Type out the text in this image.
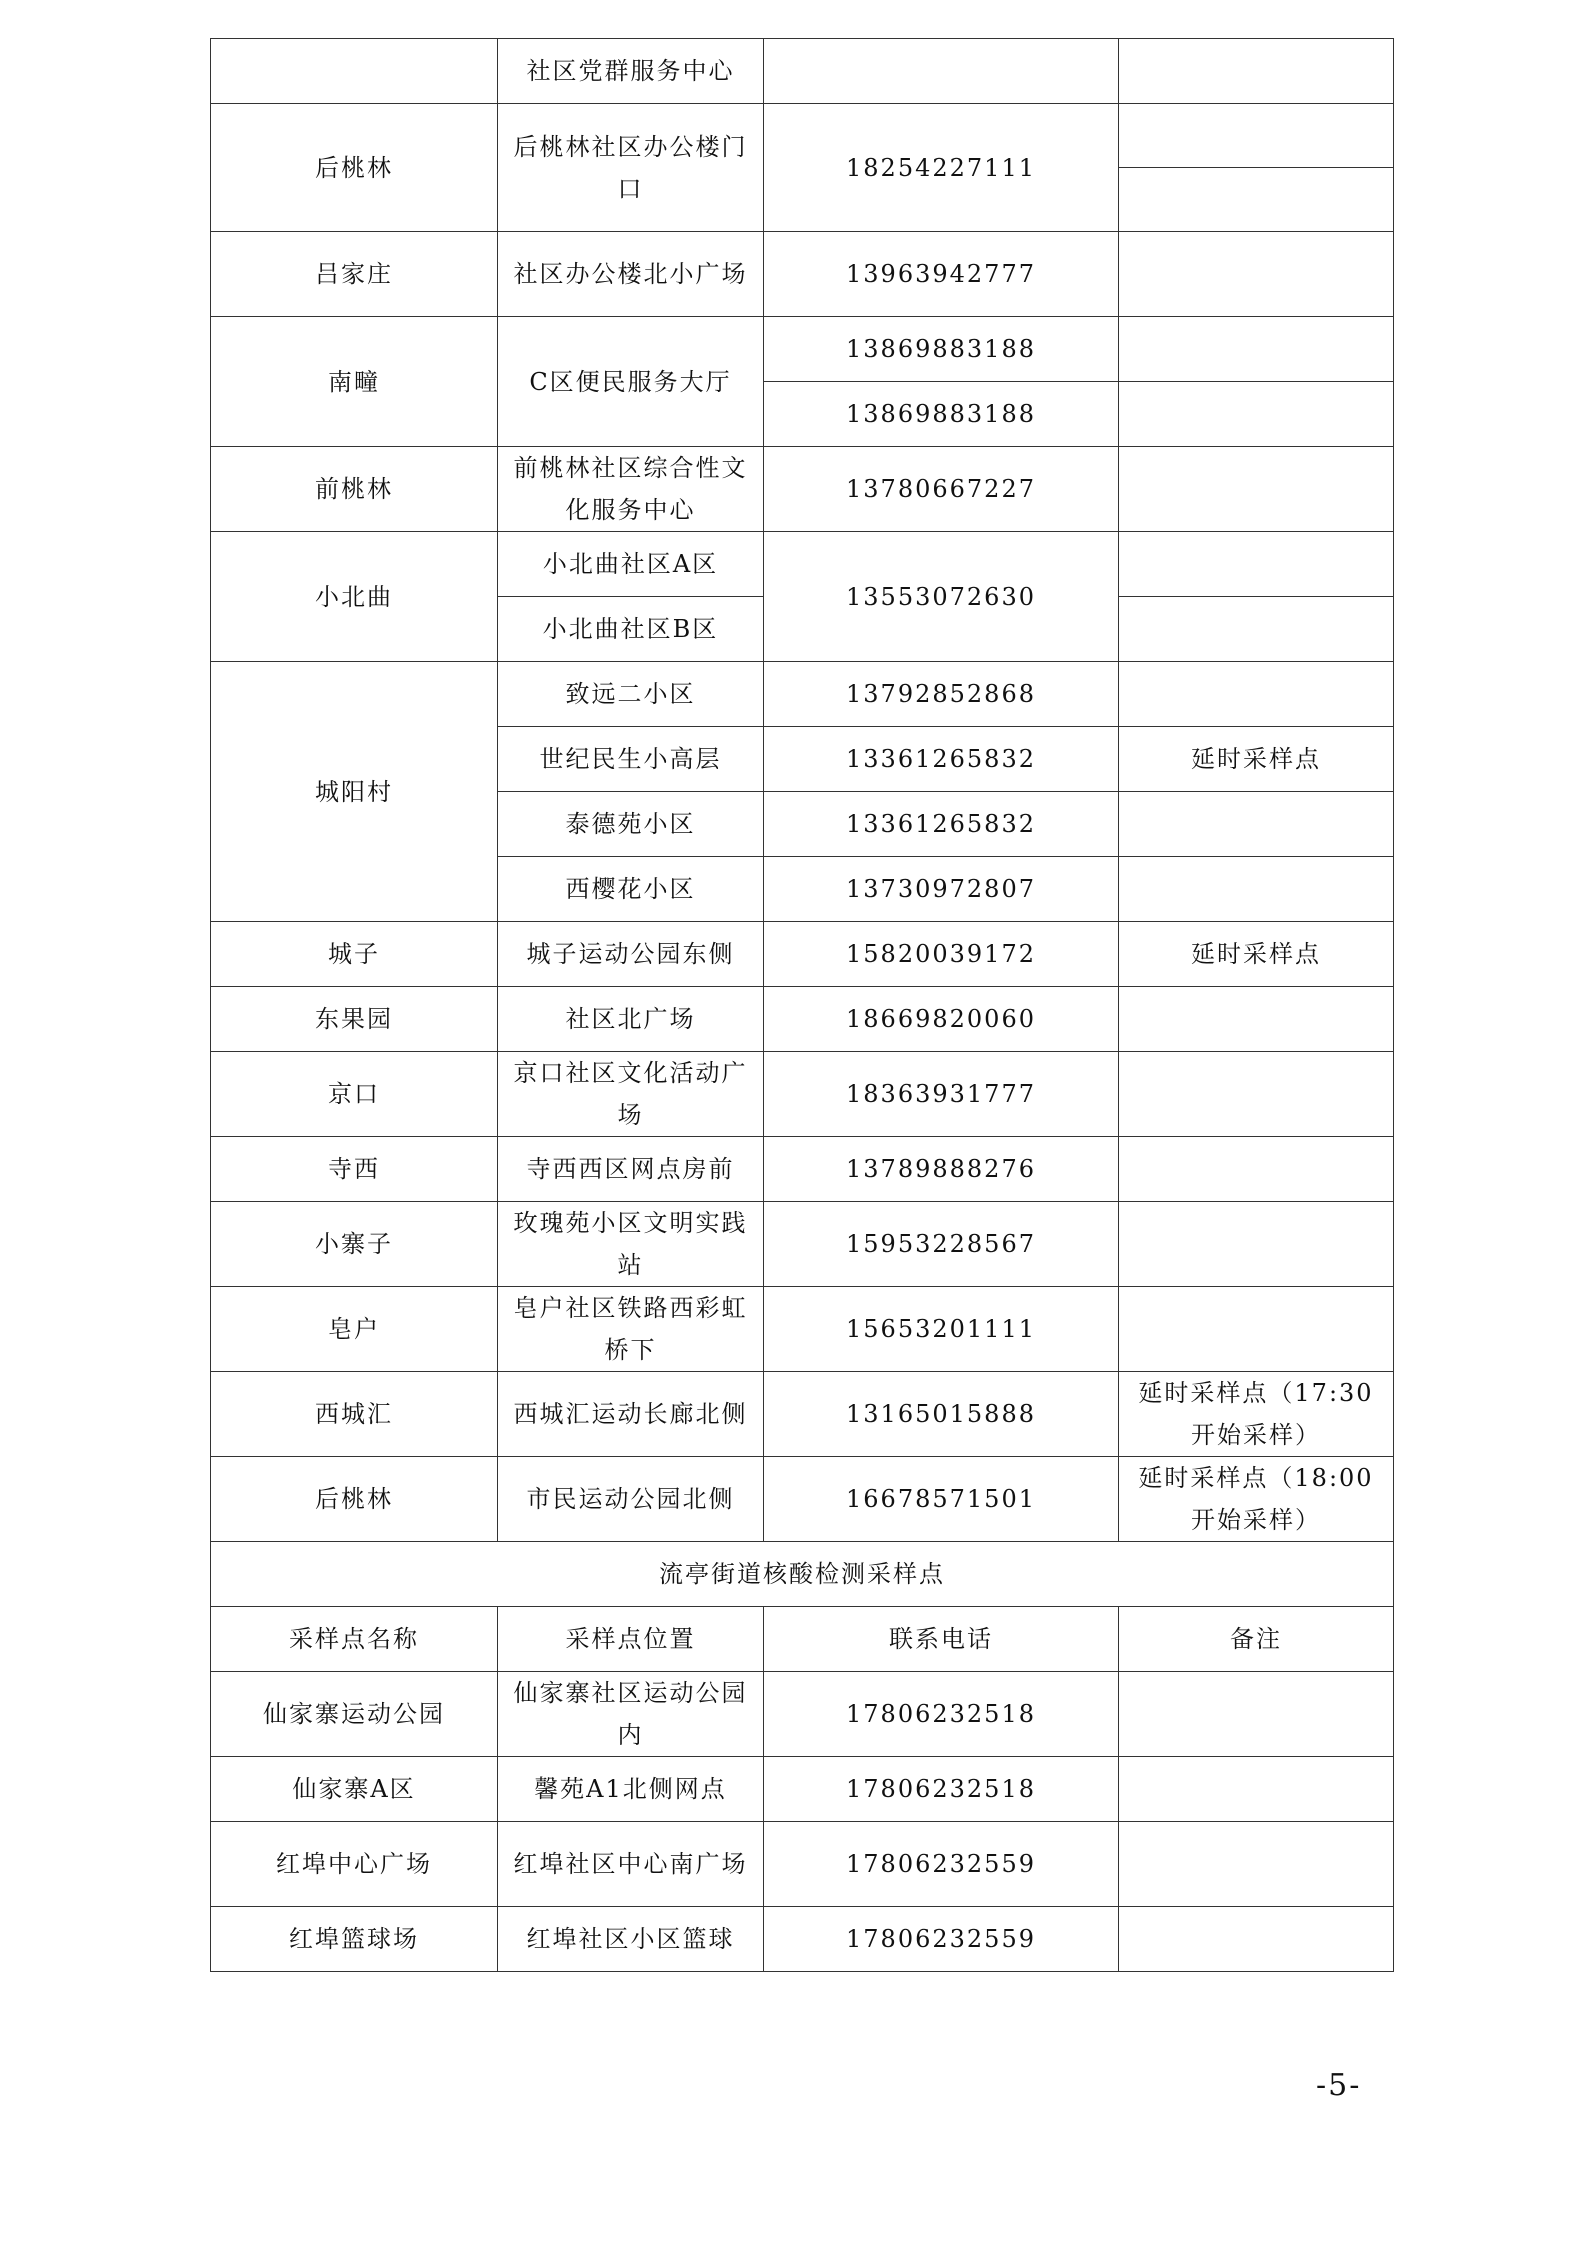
	社区党群服务中心		
后桃林	后桃林社区办公楼门口	18254227111	

吕家庄	社区办公楼北小广场	13963942777	
南疃	C区便民服务大厅	13869883188	
		13869883188	
前桃林	前桃林社区综合性文化服务中心	13780667227	
小北曲	小北曲社区A区	13553072630	
	小北曲社区B区		
城阳村	致远二小区	13792852868	
	世纪民生小高层	13361265832	延时采样点
	泰德苑小区	13361265832	
	西樱花小区	13730972807	
城子	城子运动公园东侧	15820039172	延时采样点
东果园	社区北广场	18669820060	
京口	京口社区文化活动广场	18363931777	
寺西	寺西西区网点房前	13789888276	
小寨子	玫瑰苑小区文明实践站	15953228567	
皂户	皂户社区铁路西彩虹桥下	15653201111	
西城汇	西城汇运动长廊北侧	13165015888	延时采样点（17:30开始采样）
后桃林	市民运动公园北侧	16678571501	延时采样点（18:00开始采样）
流亭街道核酸检测采样点			
采样点名称	采样点位置	联系电话	备注
仙家寨运动公园	仙家寨社区运动公园内	17806232518	
仙家寨A区	馨苑A1北侧网点	17806232518	
红埠中心广场	红埠社区中心南广场	17806232559	
红埠篮球场	红埠社区小区篮球	17806232559	
-5-
